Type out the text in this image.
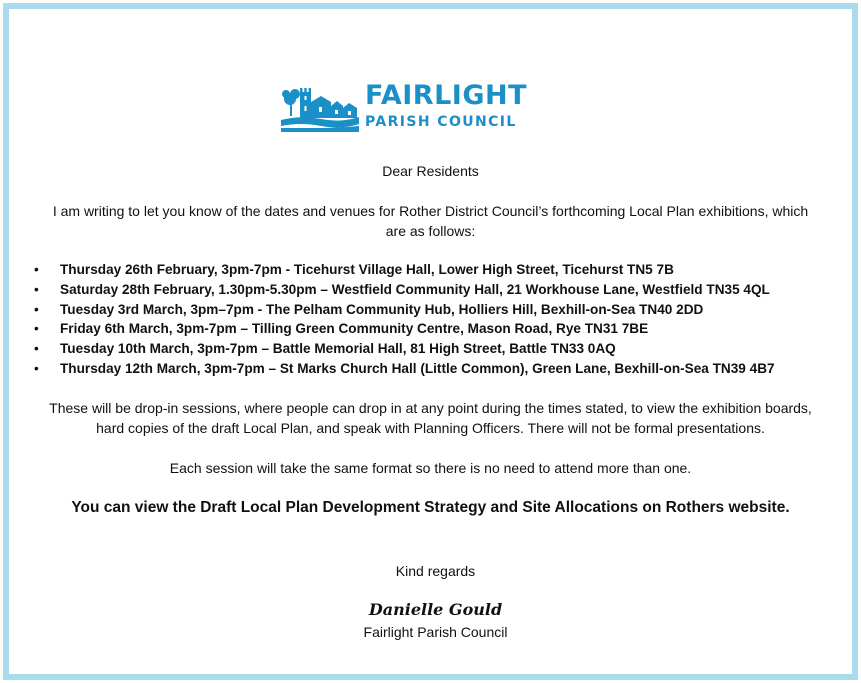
FAIRLIGHT
PARISH COUNCIL
Dear Residents
I am writing to let you know of the dates and venues for Rother District Council’s forthcoming Local Plan exhibitions, which are as follows:
• Thursday 26th February, 3pm-7pm - Ticehurst Village Hall, Lower High Street, Ticehurst TN5 7B
• Saturday 28th February, 1.30pm-5.30pm – Westfield Community Hall, 21 Workhouse Lane, Westfield TN35 4QL
• Tuesday 3rd March, 3pm–7pm - The Pelham Community Hub, Holliers Hill, Bexhill-on-Sea TN40 2DD
• Friday 6th March, 3pm-7pm – Tilling Green Community Centre, Mason Road, Rye TN31 7BE
• Tuesday 10th March, 3pm-7pm – Battle Memorial Hall, 81 High Street, Battle TN33 0AQ
• Thursday 12th March, 3pm-7pm – St Marks Church Hall (Little Common), Green Lane, Bexhill-on-Sea TN39 4B7
These will be drop-in sessions, where people can drop in at any point during the times stated, to view the exhibition boards, hard copies of the draft Local Plan, and speak with Planning Officers. There will not be formal presentations.
Each session will take the same format so there is no need to attend more than one.
You can view the Draft Local Plan Development Strategy and Site Allocations on Rothers website.
Kind regards
Danielle Gould
Fairlight Parish Council
